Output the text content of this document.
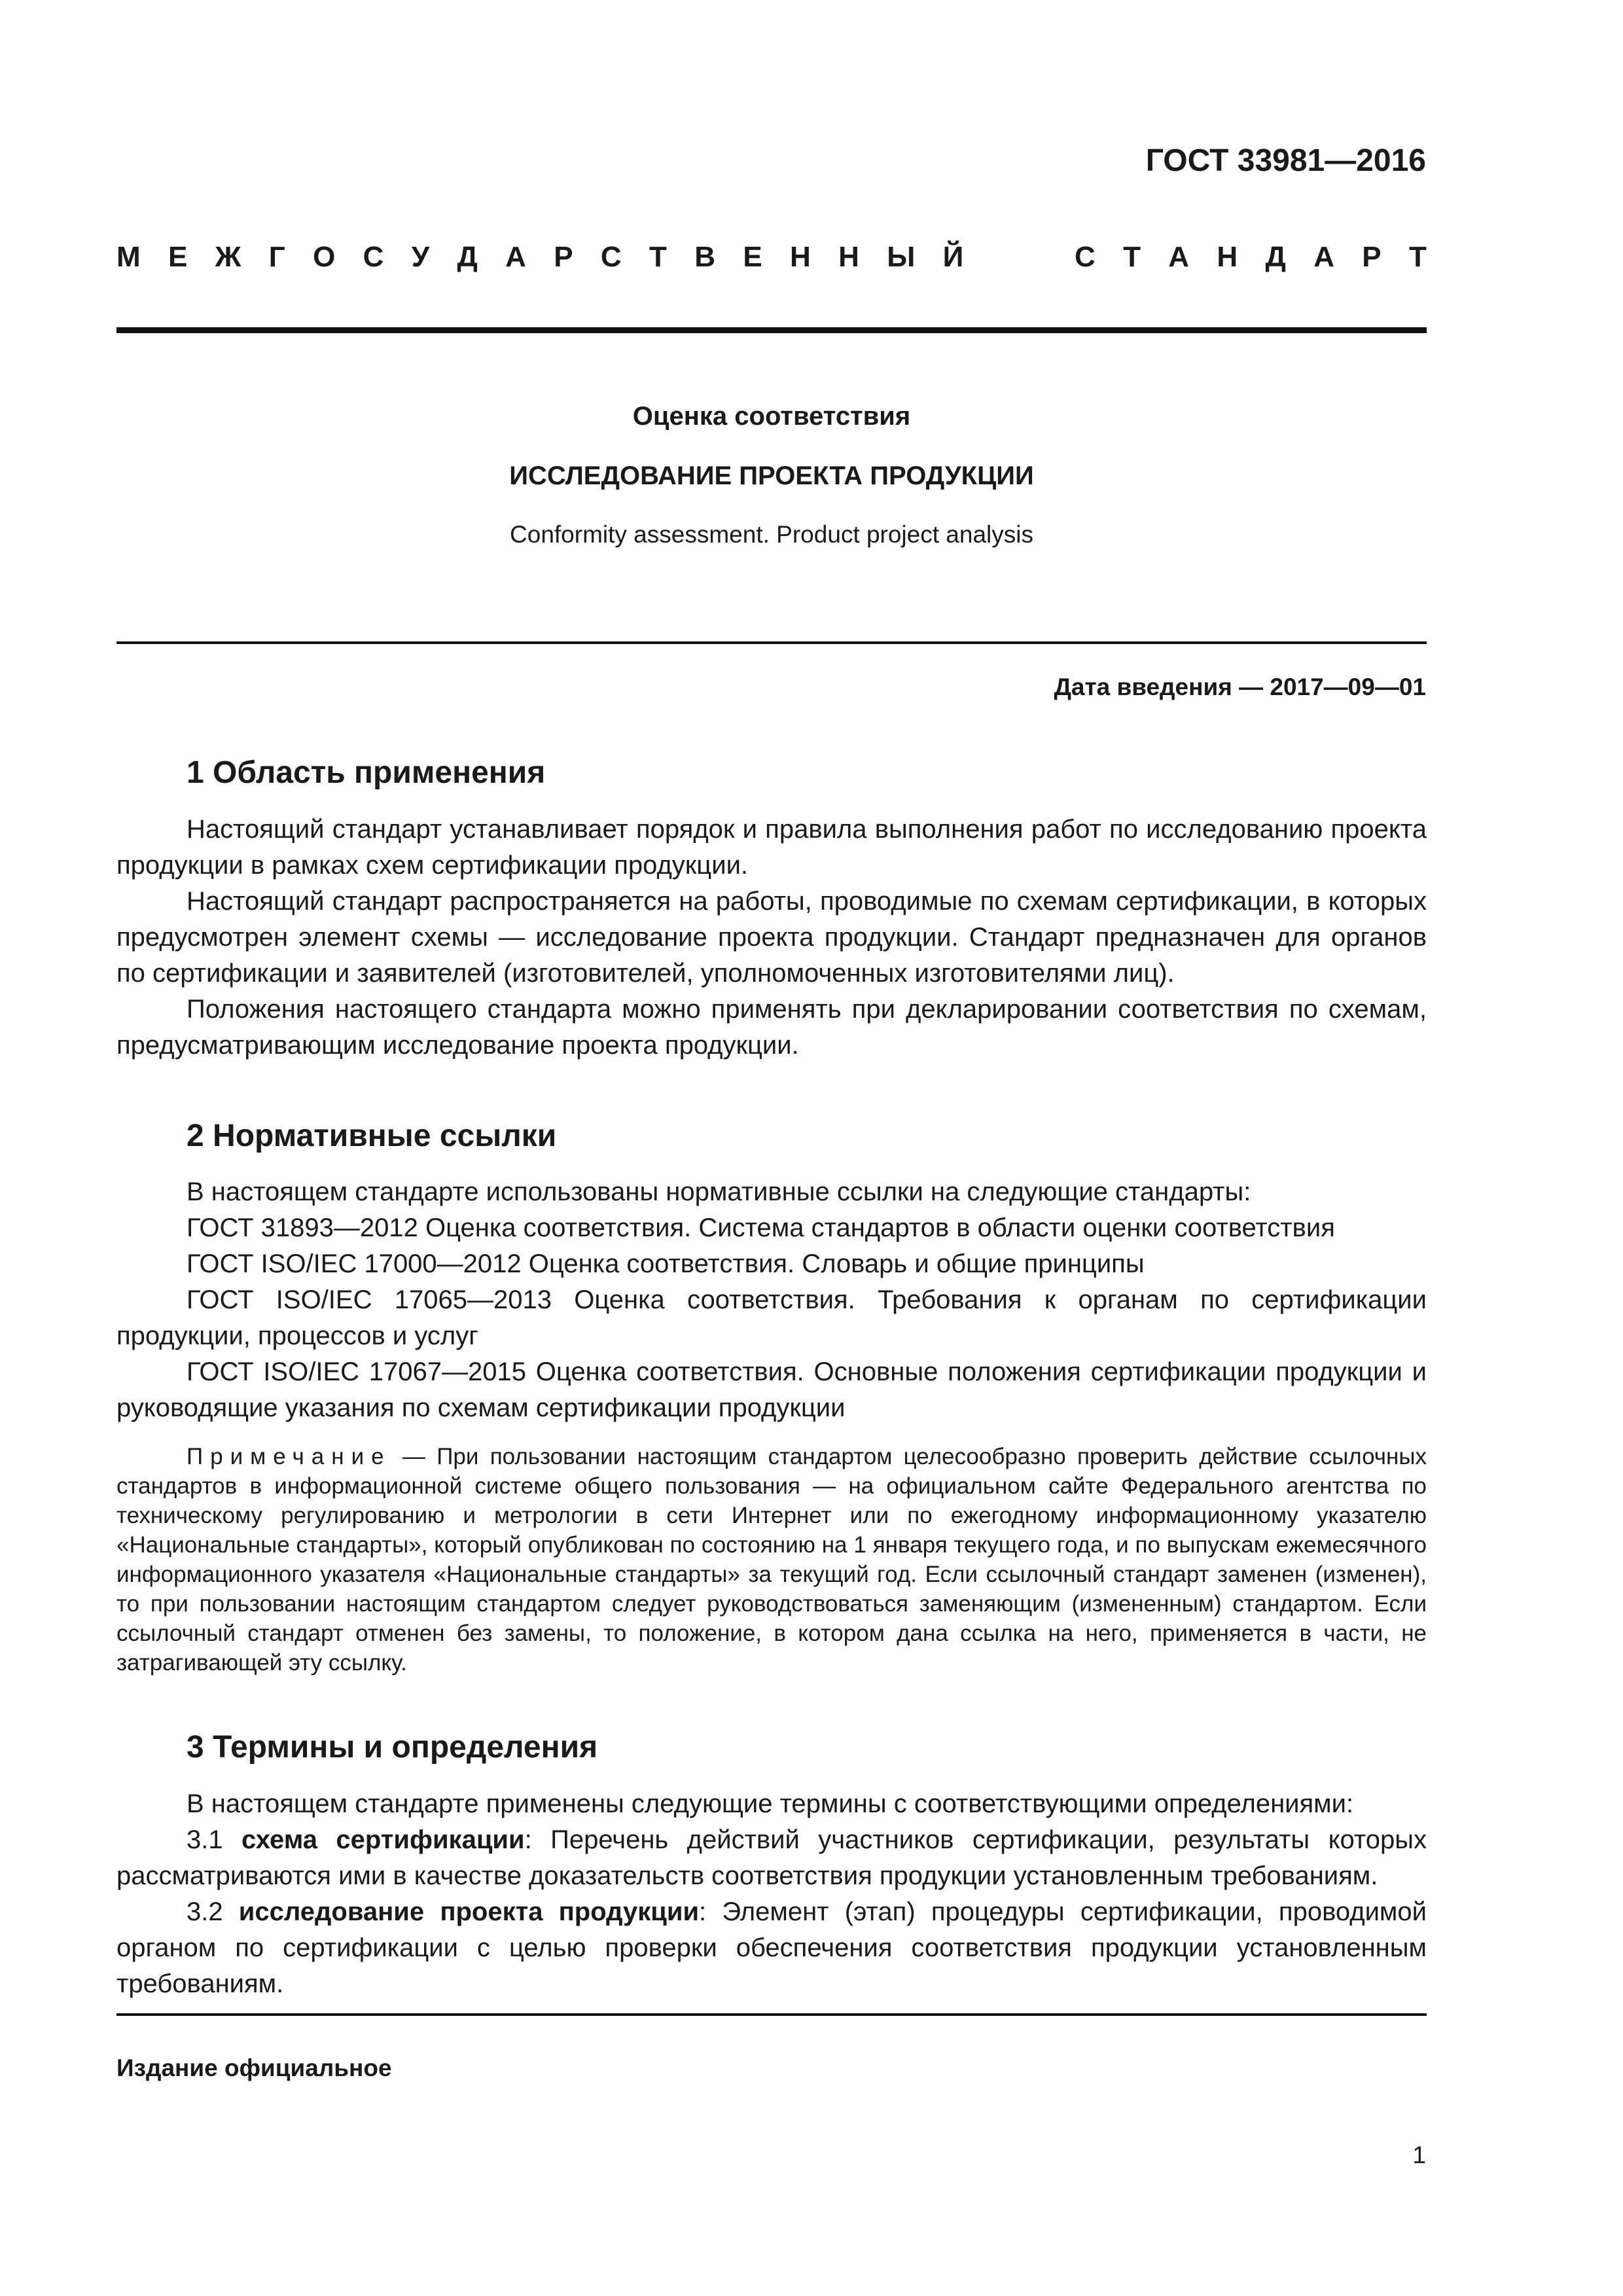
ГОСТ 33981—2016
М Е Ж Г О С У Д А Р С Т В Е Н Н Ы Й	С Т А Н Д А Р Т
Оценка соответствия
ИССЛЕДОВАНИЕ ПРОЕКТА ПРОДУКЦИИ
Conformity assessment. Product project analysis
Дата введения — 2017—09—01
1 Область применения

Настоящий стандарт устанавливает порядок и правила выполнения работ по исследованию проекта продукции в рамках схем сертификации продукции.

Настоящий стандарт распространяется на работы, проводимые по схемам сертификации, в которых предусмотрен элемент схемы — исследование проекта продукции. Стандарт предназначен для органов по сертификации и заявителей (изготовителей, уполномоченных изготовителями лиц).

Положения настоящего стандарта можно применять при декларировании соответствия по схемам, предусматривающим исследование проекта продукции.

2 Нормативные ссылки

В настоящем стандарте использованы нормативные ссылки на следующие стандарты:

ГОСТ 31893—2012 Оценка соответствия. Система стандартов в области оценки соответствия

ГОСТ ISO/IEC 17000—2012 Оценка соответствия. Словарь и общие принципы

ГОСТ ISO/IEC 17065—2013 Оценка соответствия. Требования к органам по сертификации продукции, процессов и услуг

ГОСТ ISO/IEC 17067—2015 Оценка соответствия. Основные положения сертификации продукции и руководящие указания по схемам сертификации продукции

Примечание — При пользовании настоящим стандартом целесообразно проверить действие ссылочных стандартов в информационной системе общего пользования — на официальном сайте Федерального агентства по техническому регулированию и метрологии в сети Интернет или по ежегодному информационному указателю «Национальные стандарты», который опубликован по состоянию на 1 января текущего года, и по выпускам ежемесячного информационного указателя «Национальные стандарты» за текущий год. Если ссылочный стандарт заменен (изменен), то при пользовании настоящим стандартом следует руководствоваться заменяющим (измененным) стандартом. Если ссылочный стандарт отменен без замены, то положение, в котором дана ссылка на него, применяется в части, не затрагивающей эту ссылку.

3 Термины и определения

В настоящем стандарте применены следующие термины с соответствующими определениями:

3.1 схема сертификации: Перечень действий участников сертификации, результаты которых рассматриваются ими в качестве доказательств соответствия продукции установленным требованиям.

3.2 исследование проекта продукции: Элемент (этап) процедуры сертификации, проводимой органом по сертификации с целью проверки обеспечения соответствия продукции установленным требованиям.

Издание официальное
1
